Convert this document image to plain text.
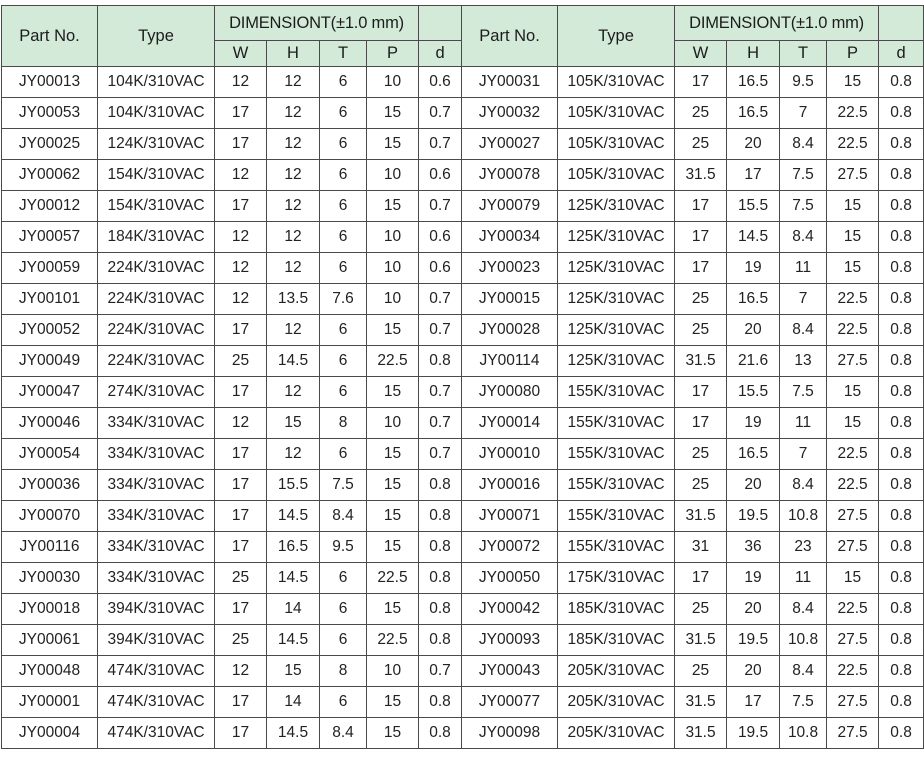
Part No.	Type	DIMENSIONT(±1.0 mm)					Part No.	Type	DIMENSIONT(±1.0 mm)				
		W	H	T	P	d			W	H	T	P	d
JY00013	104K/310VAC	12	12	6	10	0.6	JY00031	105K/310VAC	17	16.5	9.5	15	0.8
JY00053	104K/310VAC	17	12	6	15	0.7	JY00032	105K/310VAC	25	16.5	7	22.5	0.8
JY00025	124K/310VAC	17	12	6	15	0.7	JY00027	105K/310VAC	25	20	8.4	22.5	0.8
JY00062	154K/310VAC	12	12	6	10	0.6	JY00078	105K/310VAC	31.5	17	7.5	27.5	0.8
JY00012	154K/310VAC	17	12	6	15	0.7	JY00079	125K/310VAC	17	15.5	7.5	15	0.8
JY00057	184K/310VAC	12	12	6	10	0.6	JY00034	125K/310VAC	17	14.5	8.4	15	0.8
JY00059	224K/310VAC	12	12	6	10	0.6	JY00023	125K/310VAC	17	19	11	15	0.8
JY00101	224K/310VAC	12	13.5	7.6	10	0.7	JY00015	125K/310VAC	25	16.5	7	22.5	0.8
JY00052	224K/310VAC	17	12	6	15	0.7	JY00028	125K/310VAC	25	20	8.4	22.5	0.8
JY00049	224K/310VAC	25	14.5	6	22.5	0.8	JY00114	125K/310VAC	31.5	21.6	13	27.5	0.8
JY00047	274K/310VAC	17	12	6	15	0.7	JY00080	155K/310VAC	17	15.5	7.5	15	0.8
JY00046	334K/310VAC	12	15	8	10	0.7	JY00014	155K/310VAC	17	19	11	15	0.8
JY00054	334K/310VAC	17	12	6	15	0.7	JY00010	155K/310VAC	25	16.5	7	22.5	0.8
JY00036	334K/310VAC	17	15.5	7.5	15	0.8	JY00016	155K/310VAC	25	20	8.4	22.5	0.8
JY00070	334K/310VAC	17	14.5	8.4	15	0.8	JY00071	155K/310VAC	31.5	19.5	10.8	27.5	0.8
JY00116	334K/310VAC	17	16.5	9.5	15	0.8	JY00072	155K/310VAC	31	36	23	27.5	0.8
JY00030	334K/310VAC	25	14.5	6	22.5	0.8	JY00050	175K/310VAC	17	19	11	15	0.8
JY00018	394K/310VAC	17	14	6	15	0.8	JY00042	185K/310VAC	25	20	8.4	22.5	0.8
JY00061	394K/310VAC	25	14.5	6	22.5	0.8	JY00093	185K/310VAC	31.5	19.5	10.8	27.5	0.8
JY00048	474K/310VAC	12	15	8	10	0.7	JY00043	205K/310VAC	25	20	8.4	22.5	0.8
JY00001	474K/310VAC	17	14	6	15	0.8	JY00077	205K/310VAC	31.5	17	7.5	27.5	0.8
JY00004	474K/310VAC	17	14.5	8.4	15	0.8	JY00098	205K/310VAC	31.5	19.5	10.8	27.5	0.8
